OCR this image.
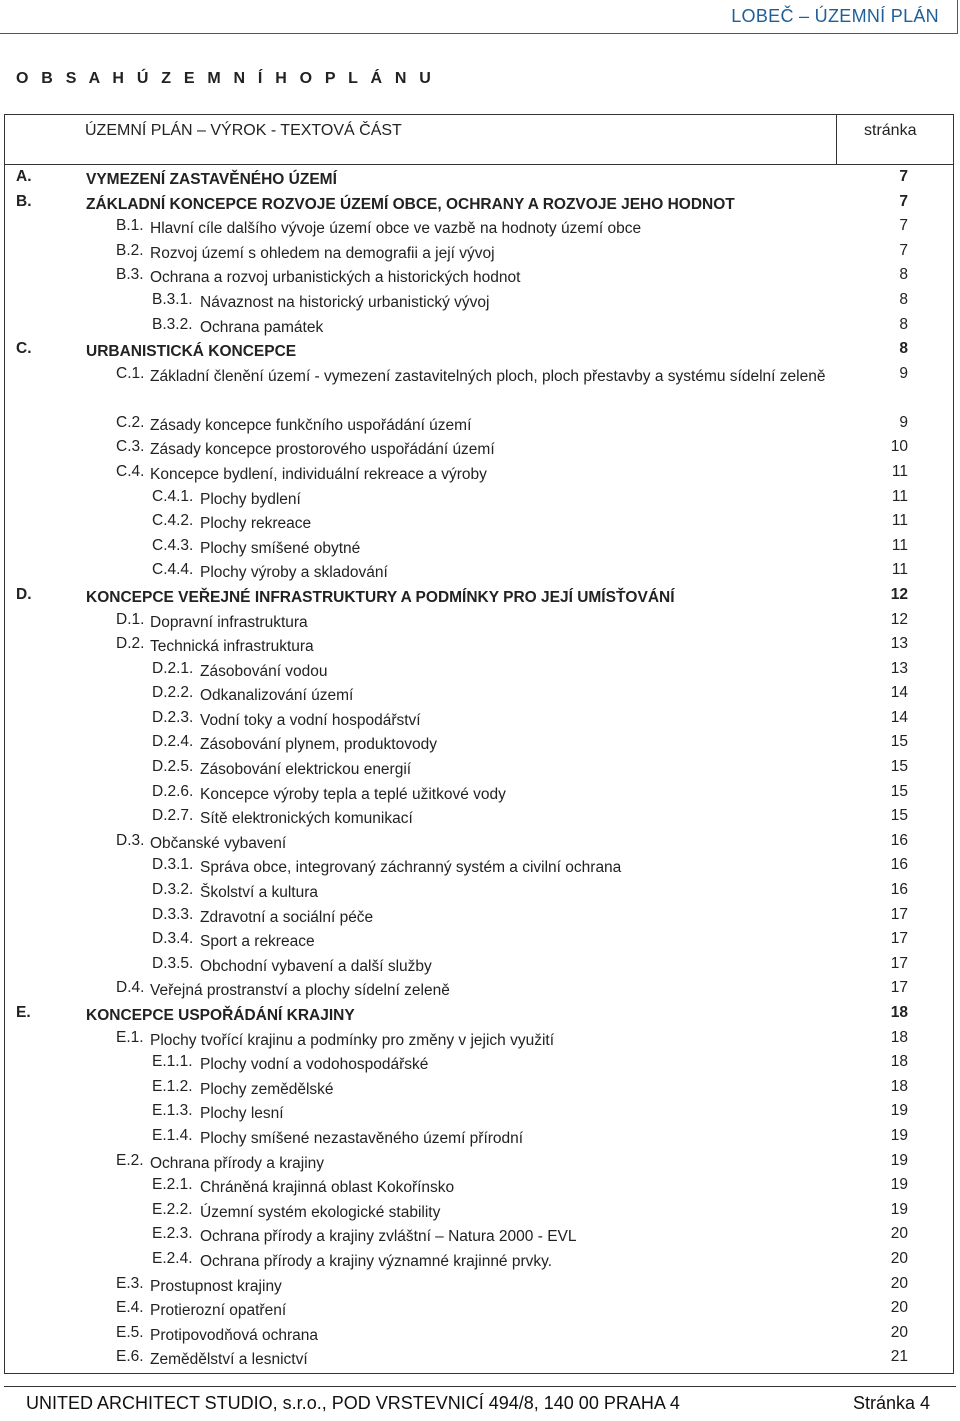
LOBEČ – ÚZEMNÍ PLÁN
O B S A H Ú Z E M N Í H O P L Á N U
ÚZEMNÍ PLÁN – VÝROK - TEXTOVÁ ČÁST	stránka
A.	VYMEZENÍ ZASTAVĚNÉHO ÚZEMÍ	7
B.	ZÁKLADNÍ KONCEPCE ROZVOJE ÚZEMÍ OBCE, OCHRANY A ROZVOJE JEHO HODNOT	7
B.1. Hlavní cíle dalšího vývoje území obce ve vazbě na hodnoty území obce	7
B.2. Rozvoj území s ohledem na demografii a její vývoj	7
B.3. Ochrana a rozvoj urbanistických a historických hodnot	8
B.3.1. Návaznost na historický urbanistický vývoj	8
B.3.2. Ochrana památek	8
C.	URBANISTICKÁ KONCEPCE	8
C.1. Základní členění území - vymezení zastavitelných ploch, ploch přestavby a systému sídelní zeleně	9
C.2. Zásady koncepce funkčního uspořádání území	9
C.3. Zásady koncepce prostorového uspořádání území	10
C.4. Koncepce bydlení, individuální rekreace a výroby	11
C.4.1. Plochy bydlení	11
C.4.2. Plochy rekreace	11
C.4.3. Plochy smíšené obytné	11
C.4.4. Plochy výroby a skladování	11
D.	KONCEPCE VEŘEJNÉ INFRASTRUKTURY A PODMÍNKY PRO JEJÍ UMÍSŤOVÁNÍ	12
D.1. Dopravní infrastruktura	12
D.2. Technická infrastruktura	13
D.2.1. Zásobování vodou	13
D.2.2. Odkanalizování území	14
D.2.3. Vodní toky a vodní hospodářství	14
D.2.4. Zásobování plynem, produktovody	15
D.2.5. Zásobování elektrickou energií	15
D.2.6. Koncepce výroby tepla a teplé užitkové vody	15
D.2.7. Sítě elektronických komunikací	15
D.3. Občanské vybavení	16
D.3.1. Správa obce, integrovaný záchranný systém a civilní ochrana	16
D.3.2. Školství a kultura	16
D.3.3. Zdravotní a sociální péče	17
D.3.4. Sport a rekreace	17
D.3.5. Obchodní vybavení a další služby	17
D.4. Veřejná prostranství a plochy sídelní zeleně	17
E.	KONCEPCE USPOŘÁDÁNÍ KRAJINY	18
E.1. Plochy tvořící krajinu a podmínky pro změny v jejich využití	18
E.1.1. Plochy vodní a vodohospodářské	18
E.1.2. Plochy zemědělské	18
E.1.3. Plochy lesní	19
E.1.4. Plochy smíšené nezastavěného území přírodní	19
E.2. Ochrana přírody a krajiny	19
E.2.1. Chráněná krajinná oblast Kokořínsko	19
E.2.2. Územní systém ekologické stability	19
E.2.3. Ochrana přírody a krajiny zvláštní – Natura 2000 - EVL	20
E.2.4. Ochrana přírody a krajiny významné krajinné prvky.	20
E.3. Prostupnost krajiny	20
E.4. Protierozní opatření	20
E.5. Protipovodňová ochrana	20
E.6. Zemědělství a lesnictví	21
UNITED ARCHITECT STUDIO, s.r.o., POD VRSTEVNICÍ 494/8, 140 00 PRAHA 4	Stránka 4
